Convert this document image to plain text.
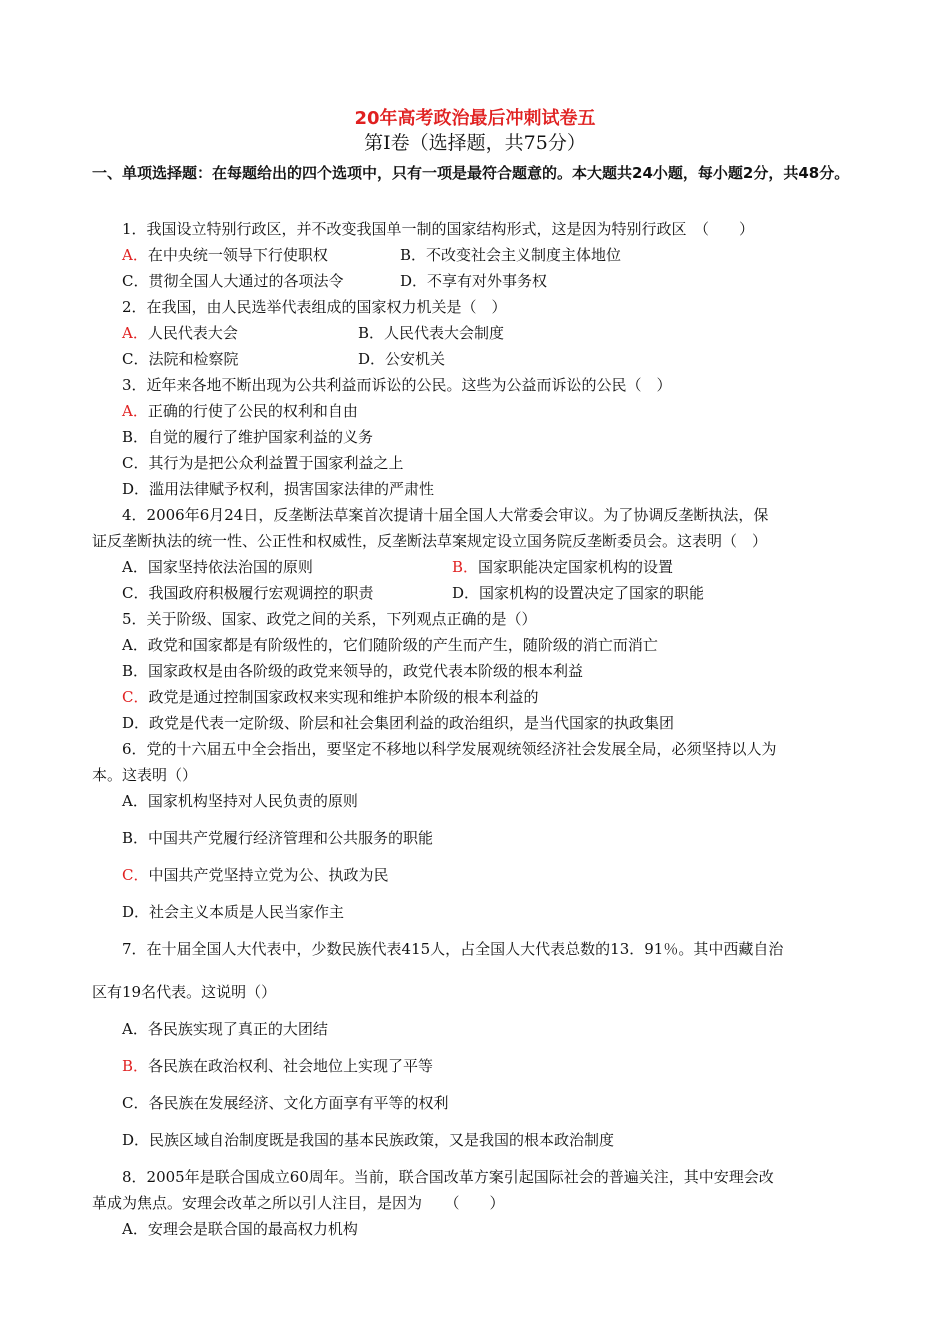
20年高考政治最后冲刺试卷五
第Ⅰ卷（选择题，共75分）
一、单项选择题：在每题给出的四个选项中，只有一项是最符合题意的。本大题共24小题，每小题2分，共48分。
1．我国设立特别行政区，并不改变我国单一制的国家结构形式，这是因为特别行政区　（　　）
A．在中央统一领导下行使职权	B．不改变社会主义制度主体地位
C．贯彻全国人大通过的各项法令	D．不享有对外事务权
2．在我国，由人民选举代表组成的国家权力机关是（　）
A．人民代表大会	B．人民代表大会制度
C．法院和检察院	D．公安机关
3．近年来各地不断出现为公共利益而诉讼的公民。这些为公益而诉讼的公民（　）
A．正确的行使了公民的权利和自由
B．自觉的履行了维护国家利益的义务
C．其行为是把公众利益置于国家利益之上
D．滥用法律赋予权利，损害国家法律的严肃性
4．2006年6月24日，反垄断法草案首次提请十届全国人大常委会审议。为了协调反垄断执法，保
证反垄断执法的统一性、公正性和权威性，反垄断法草案规定设立国务院反垄断委员会。这表明（　）
A．国家坚持依法治国的原则	B．国家职能决定国家机构的设置
C．我国政府积极履行宏观调控的职责	D．国家机构的设置决定了国家的职能
5．关于阶级、国家、政党之间的关系，下列观点正确的是（）
A．政党和国家都是有阶级性的，它们随阶级的产生而产生，随阶级的消亡而消亡
B．国家政权是由各阶级的政党来领导的，政党代表本阶级的根本利益
C．政党是通过控制国家政权来实现和维护本阶级的根本利益的
D．政党是代表一定阶级、阶层和社会集团利益的政治组织，是当代国家的执政集团
6．党的十六届五中全会指出，要坚定不移地以科学发展观统领经济社会发展全局，必须坚持以人为
本。这表明（）
A．国家机构坚持对人民负责的原则
B．中国共产党履行经济管理和公共服务的职能
C．中国共产党坚持立党为公、执政为民
D．社会主义本质是人民当家作主
7．在十届全国人大代表中，少数民族代表415人，占全国人大代表总数的13．91％。其中西藏自治
区有19名代表。这说明（）
A．各民族实现了真正的大团结
B．各民族在政治权利、社会地位上实现了平等
C．各民族在发展经济、文化方面享有平等的权利
D．民族区域自治制度既是我国的基本民族政策，又是我国的根本政治制度
8．2005年是联合国成立60周年。当前，联合国改革方案引起国际社会的普遍关注，其中安理会改
革成为焦点。安理会改革之所以引人注目，是因为　　（　　）
A．安理会是联合国的最高权力机构
